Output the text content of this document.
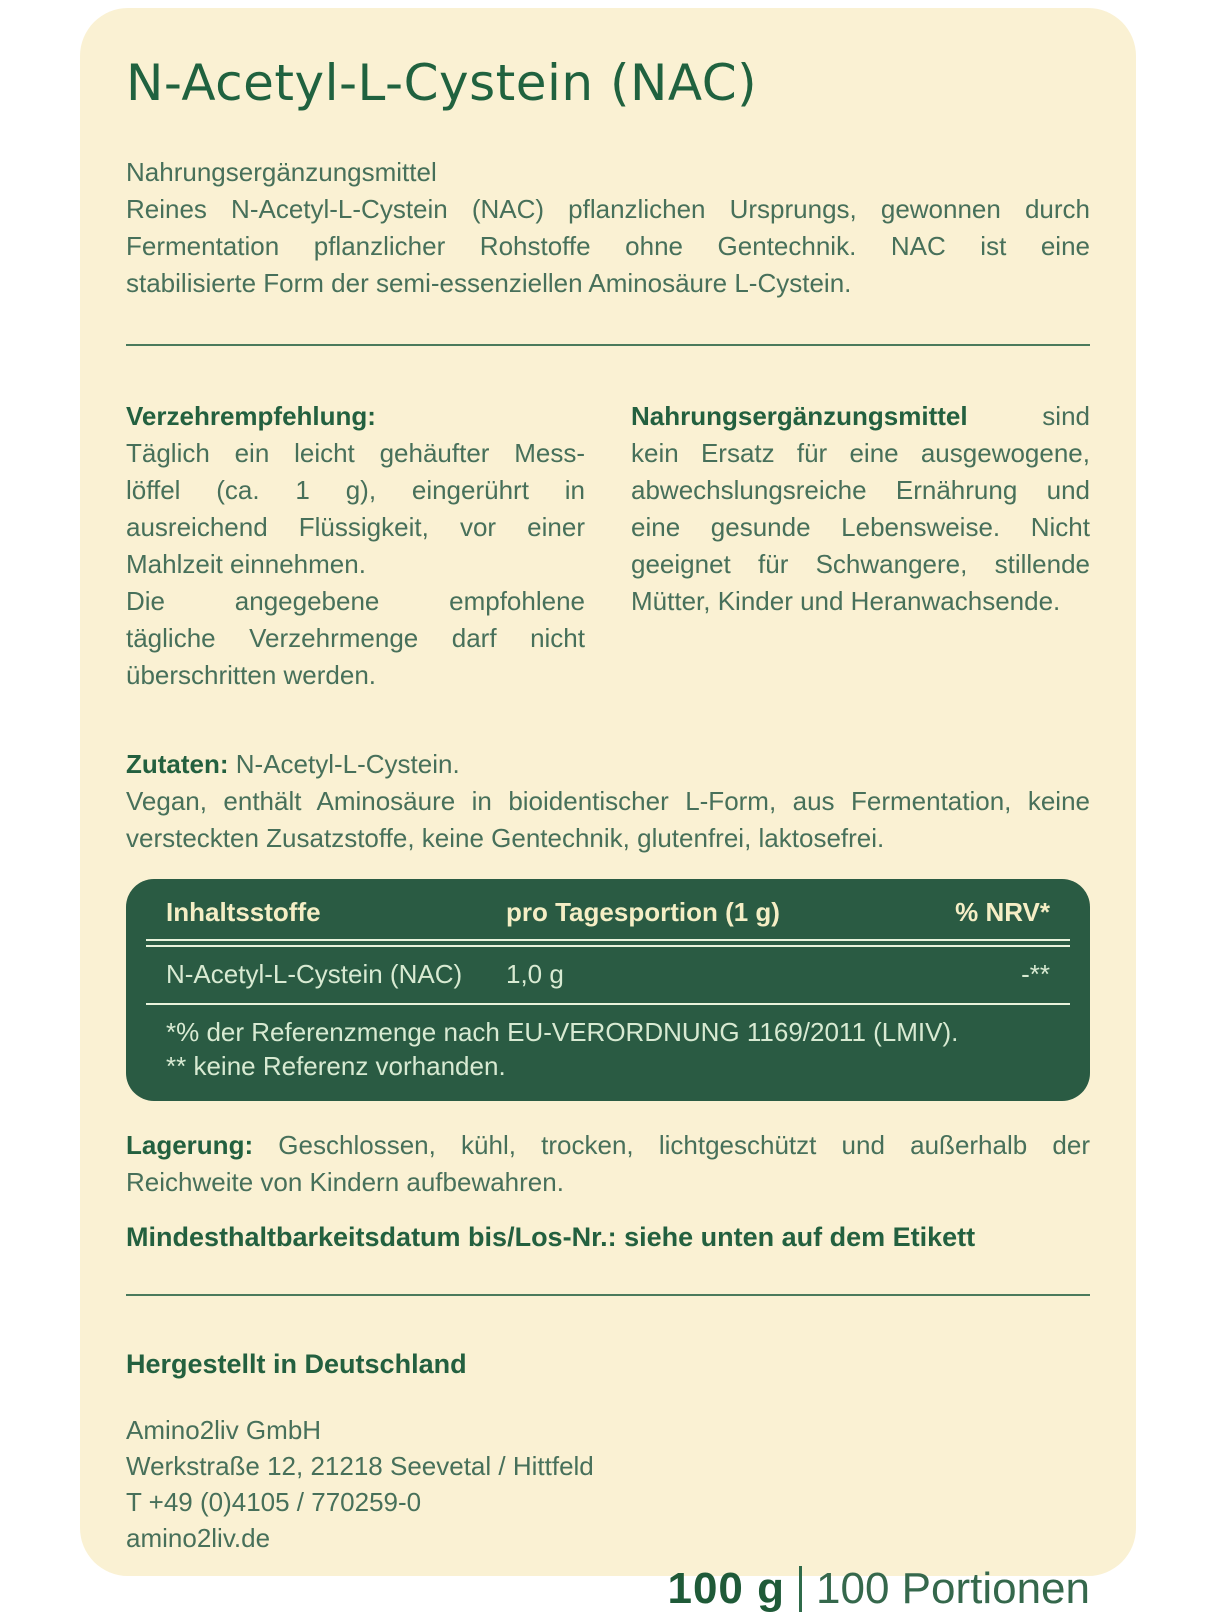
N-Acetyl-L-Cystein (NAC)
Nahrungsergänzungsmittel
Reines N-Acetyl-L-Cystein (NAC) pflanzlichen Ursprungs, gewonnen durch
Fermentation pflanzlicher Rohstoffe ohne Gentechnik. NAC ist eine
stabilisierte Form der semi-essenziellen Aminosäure L-Cystein.
Verzehrempfehlung:
Täglich ein leicht gehäufter Mess-
löffel (ca. 1 g), eingerührt in
ausreichend Flüssigkeit, vor einer
Mahlzeit einnehmen.
Die angegebene empfohlene
tägliche Verzehrmenge darf nicht
überschritten werden.
Nahrungsergänzungsmittel sind
kein Ersatz für eine ausgewogene,
abwechslungsreiche Ernährung und
eine gesunde Lebensweise. Nicht
geeignet für Schwangere, stillende
Mütter, Kinder und Heranwachsende.
Zutaten: N-Acetyl-L-Cystein.
Vegan, enthält Aminosäure in bioidentischer L-Form, aus Fermentation, keine
versteckten Zusatzstoffe, keine Gentechnik, glutenfrei, laktosefrei.
Inhaltsstoffe	pro Tagesportion (1 g)	% NRV*
N-Acetyl-L-Cystein (NAC)	1,0 g	-**
*% der Referenzmenge nach EU-VERORDNUNG 1169/2011 (LMIV).
** keine Referenz vorhanden.
Lagerung: Geschlossen, kühl, trocken, lichtgeschützt und außerhalb der Reichweite von Kindern aufbewahren.
Mindesthaltbarkeitsdatum bis/Los-Nr.: siehe unten auf dem Etikett
Hergestellt in Deutschland
Amino2liv GmbH
Werkstraße 12, 21218 Seevetal / Hittfeld
T +49 (0)4105 / 770259-0
amino2liv.de
100 g 100 Portionen
